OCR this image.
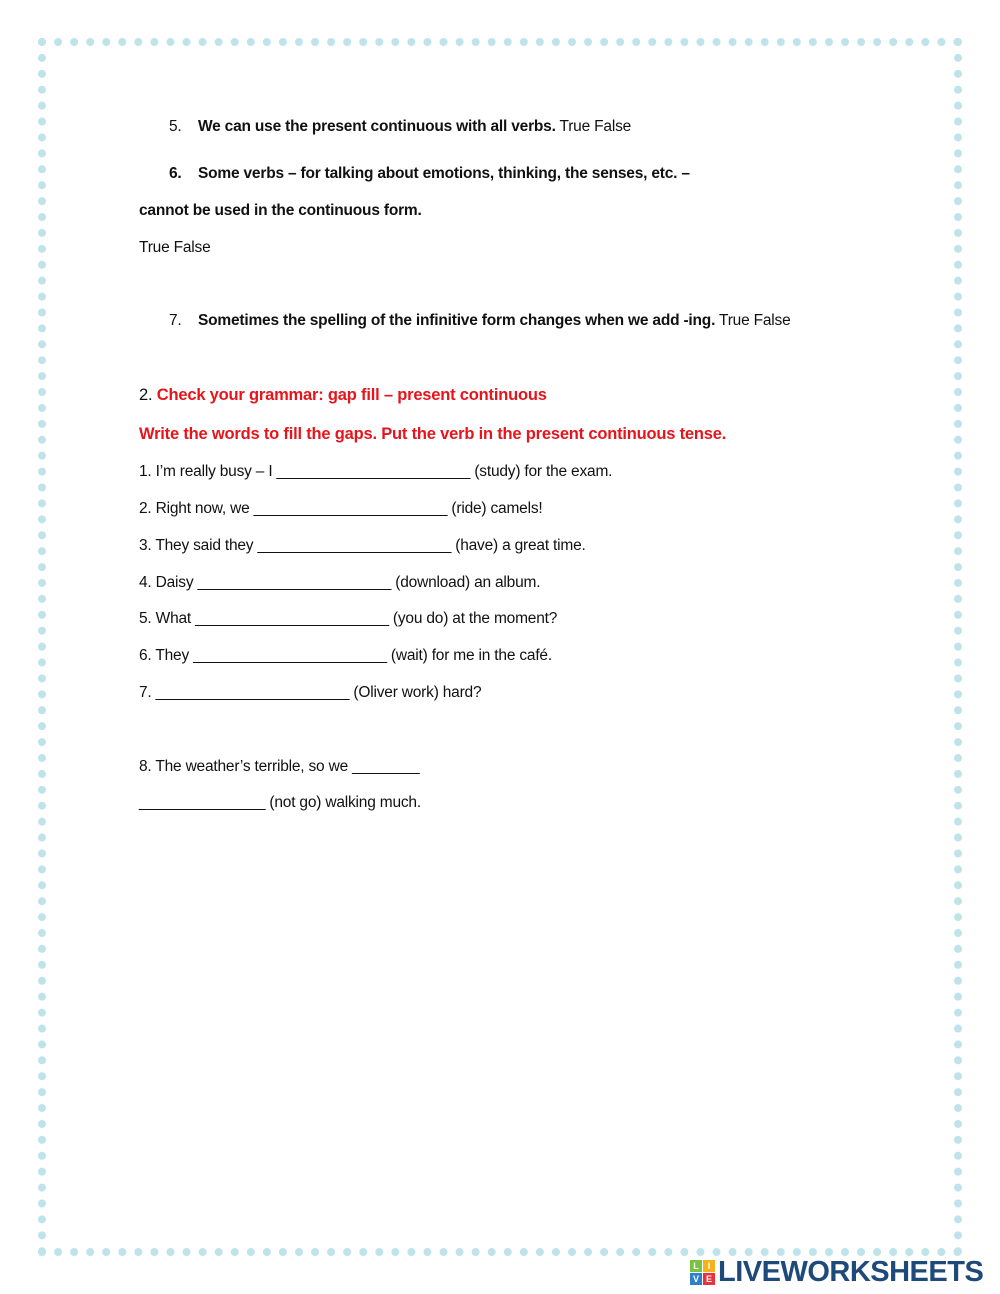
5. We can use the present continuous with all verbs. True False
6. Some verbs – for talking about emotions, thinking, the senses, etc. –
cannot be used in the continuous form.
True False
7. Sometimes the spelling of the infinitive form changes when we add -ing. True False
2. Check your grammar: gap fill – present continuous
Write the words to fill the gaps. Put the verb in the present continuous tense.
1. I’m really busy – I _______________________ (study) for the exam.
2. Right now, we _______________________ (ride) camels!
3. They said they _______________________ (have) a great time.
4. Daisy _______________________ (download) an album.
5. What _______________________ (you do) at the moment?
6. They _______________________ (wait) for me in the café.
7. _______________________ (Oliver work) hard?
8. The weather’s terrible, so we ________
_______________ (not go) walking much.
L I
V E LIVEWORKSHEETS
